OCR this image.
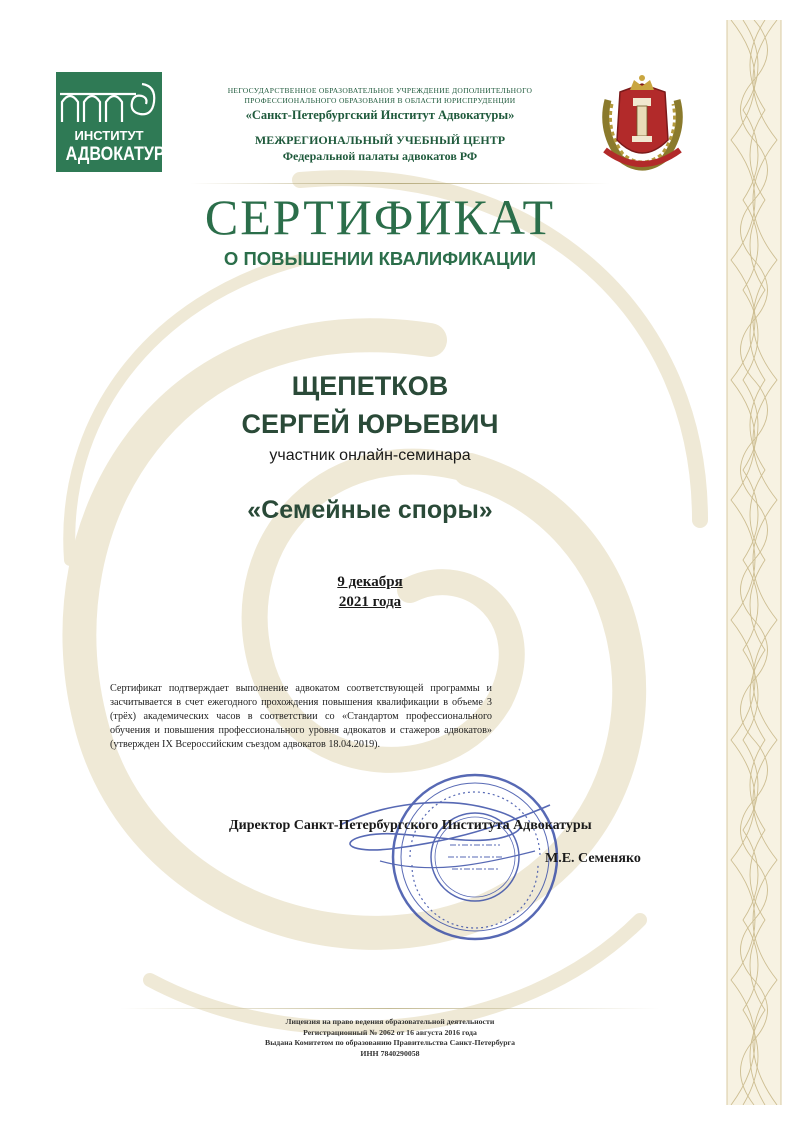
ИНСТИТУТ
АДВОКАТУРЫ
НЕГОСУДАРСТВЕННОЕ ОБРАЗОВАТЕЛЬНОЕ УЧРЕЖДЕНИЕ ДОПОЛНИТЕЛЬНОГО
ПРОФЕССИОНАЛЬНОГО ОБРАЗОВАНИЯ В ОБЛАСТИ ЮРИСПРУДЕНЦИИ
«Санкт-Петербургский Институт Адвокатуры»
МЕЖРЕГИОНАЛЬНЫЙ УЧЕБНЫЙ ЦЕНТР
Федеральной палаты адвокатов РФ
СЕРТИФИКАТ
О ПОВЫШЕНИИ КВАЛИФИКАЦИИ
ЩЕПЕТКОВ
СЕРГЕЙ ЮРЬЕВИЧ
участник онлайн-семинара
«Семейные споры»
9 декабря
2021 года
Сертификат подтверждает выполнение адвокатом соответствующей программы и засчитывается в счет ежегодного прохождения повышения квалификации в объеме 3 (трёх) академических часов в соответствии со «Стандартом профессионального обучения и повышения профессионального уровня адвокатов и стажеров адвокатов» (утвержден IX Всероссийским съездом адвокатов 18.04.2019).
Директор Санкт-Петербургского Института Адвокатуры
М.Е. Семеняко
Лицензия на право ведения образовательной деятельности
Регистрационный № 2062 от 16 августа 2016 года
Выдана Комитетом по образованию Правительства Санкт-Петербурга
ИНН 7840290058
